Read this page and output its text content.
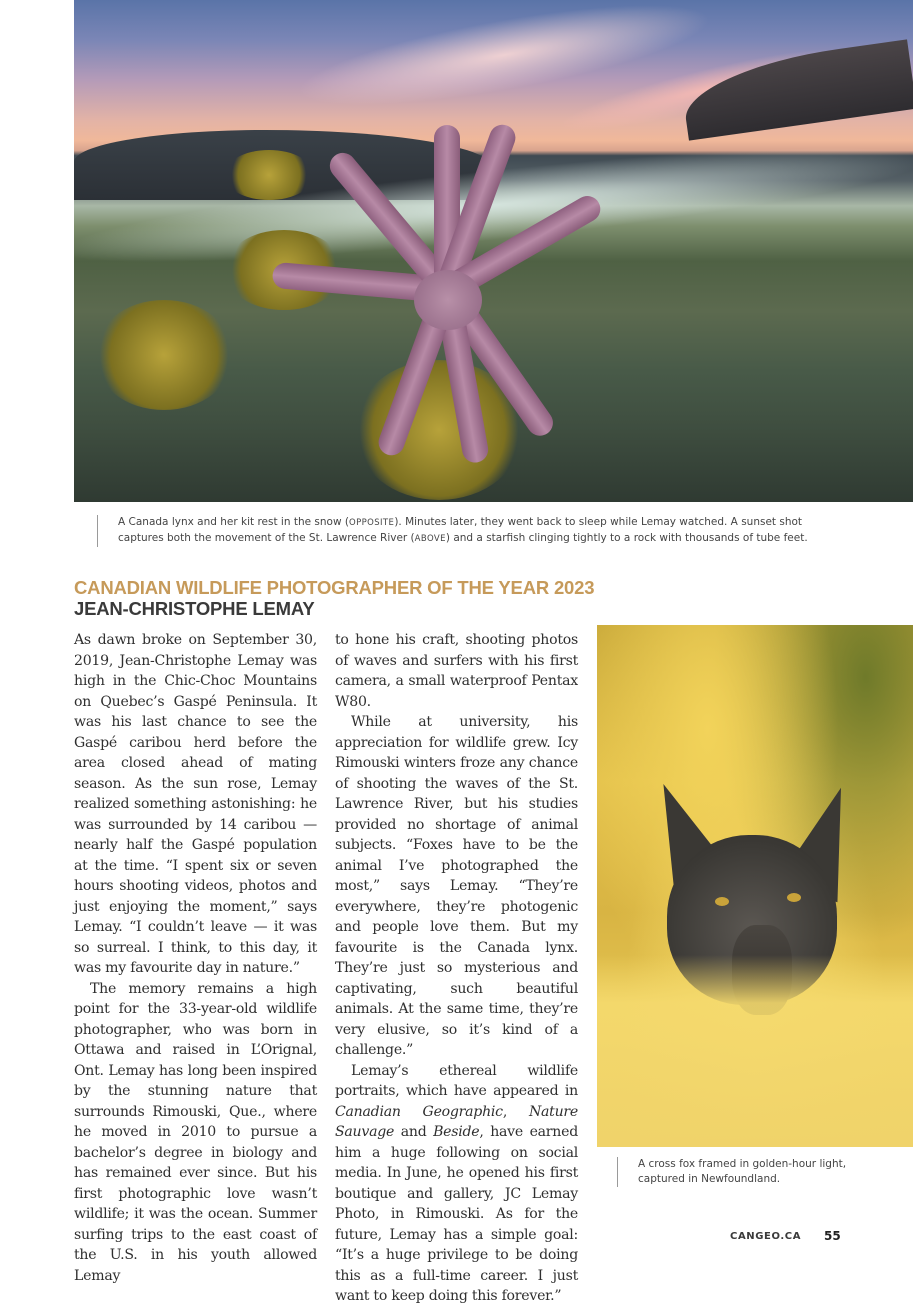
A Canada lynx and her kit rest in the snow (OPPOSITE). Minutes later, they went back to sleep while Lemay watched. A sunset shot captures both the movement of the St. Lawrence River (ABOVE) and a starfish clinging tightly to a rock with thousands of tube feet.
CANADIAN WILDLIFE PHOTOGRAPHER OF THE YEAR 2023
JEAN-CHRISTOPHE LEMAY

As dawn broke on September 30, 2019, Jean-Christophe Lemay was high in the Chic-Choc Mountains on Quebec’s Gaspé Peninsula. It was his last chance to see the Gaspé caribou herd before the area closed ahead of mating season. As the sun rose, Lemay realized something astonishing: he was surrounded by 14 caribou — nearly half the Gaspé population at the time. “I spent six or seven hours shooting videos, photos and just enjoying the moment,” says Lemay. “I couldn’t leave — it was so surreal. I think, to this day, it was my favourite day in nature.”

The memory remains a high point for the 33-year-old wildlife photographer, who was born in Ottawa and raised in L’Orignal, Ont. Lemay has long been inspired by the stunning nature that surrounds Rimouski, Que., where he moved in 2010 to pursue a bachelor’s degree in biology and has remained ever since. But his first photographic love wasn’t wildlife; it was the ocean. Summer surfing trips to the east coast of the U.S. in his youth allowed Lemay

to hone his craft, shooting photos of waves and surfers with his first camera, a small waterproof Pentax W80.

While at university, his appreciation for wildlife grew. Icy Rimouski winters froze any chance of shooting the waves of the St. Lawrence River, but his studies provided no shortage of animal subjects. “Foxes have to be the animal I’ve photographed the most,” says Lemay. “They’re everywhere, they’re photogenic and people love them. But my favourite is the Canada lynx. They’re just so mysterious and captivating, such beautiful animals. At the same time, they’re very elusive, so it’s kind of a challenge.”

Lemay’s ethereal wildlife portraits, which have appeared in Canadian Geographic, Nature Sauvage and Beside, have earned him a huge following on social media. In June, he opened his first boutique and gallery, JC Lemay Photo, in Rimouski. As for the future, Lemay has a simple goal: “It’s a huge privilege to be doing this as a full-time career. I just want to keep doing this forever.”

A cross fox framed in golden-hour light, captured in Newfoundland.
CANGEO.CA 55
